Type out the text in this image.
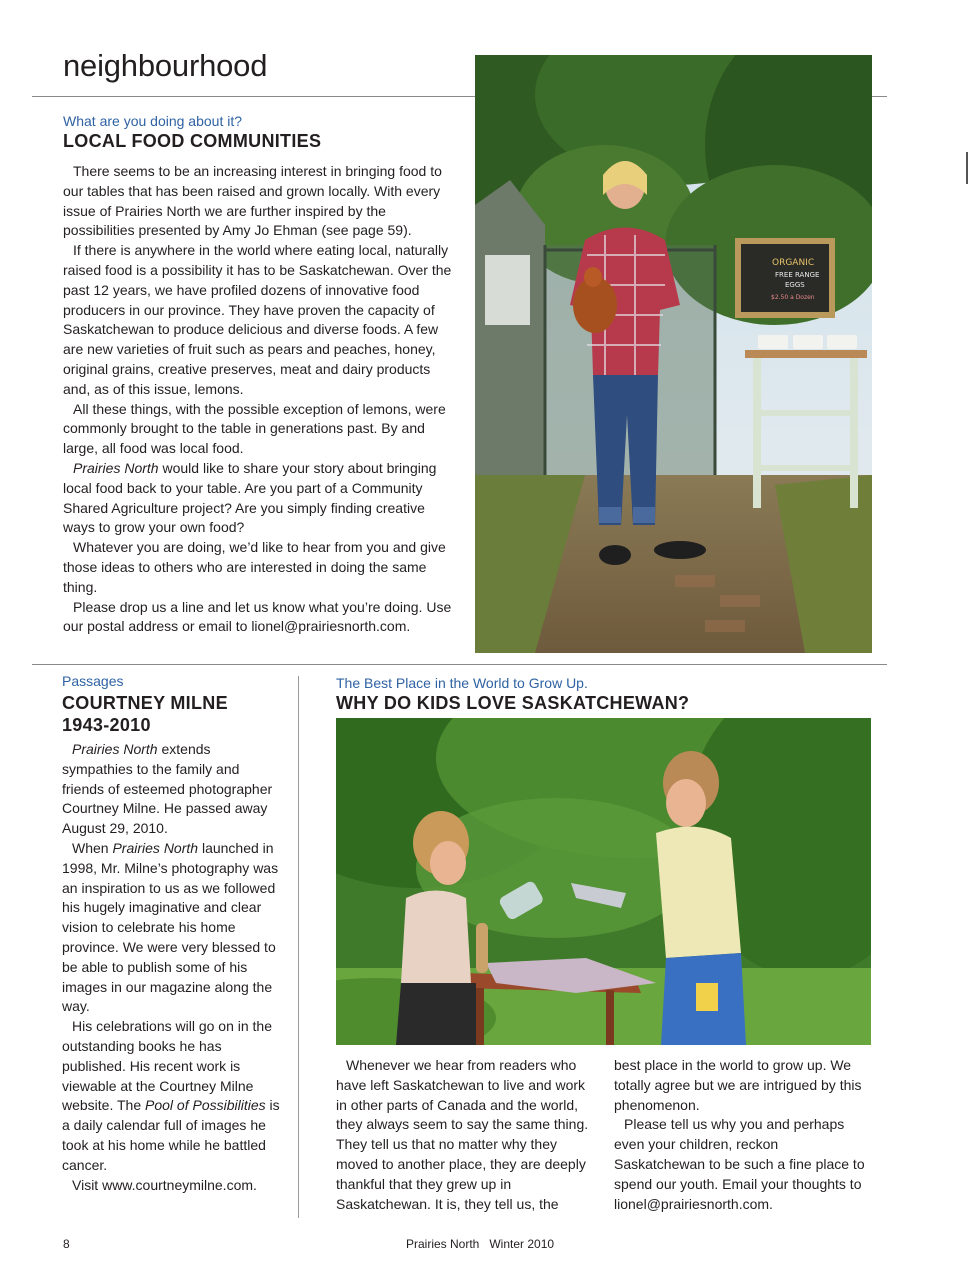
neighbourhood

What are you doing about it?

LOCAL FOOD COMMUNITIES

There seems to be an increasing interest in bringing food to our tables that has been raised and grown locally. With every issue of Prairies North we are further inspired by the possibilities presented by Amy Jo Ehman (see page 59).

If there is anywhere in the world where eating local, naturally raised food is a possibility it has to be Saskatchewan. Over the past 12 years, we have profiled dozens of innovative food producers in our province. They have proven the capacity of Saskatchewan to produce delicious and diverse foods. A few are new varieties of fruit such as pears and peaches, honey, original grains, creative preserves, meat and dairy products and, as of this issue, lemons.

All these things, with the possible exception of lemons, were commonly brought to the table in generations past. By and large, all food was local food.

Prairies North would like to share your story about bringing local food back to your table. Are you part of a Community Shared Agriculture project? Are you simply finding creative ways to grow your own food?

Whatever you are doing, we’d like to hear from you and give those ideas to others who are interested in doing the same thing.

Please drop us a line and let us know what you’re doing. Use our postal address or email to lionel@prairiesnorth.com.

ORGANIC
FREE RANGE
EGGS
$2.50 a Dozen

Passages

COURTNEY MILNE
1943-2010

Prairies North extends sympathies to the family and friends of esteemed photographer Courtney Milne. He passed away August 29, 2010.

When Prairies North launched in 1998, Mr. Milne’s photography was an inspiration to us as we followed his hugely imaginative and clear vision to celebrate his home province. We were very blessed to be able to publish some of his images in our magazine along the way.

His celebrations will go on in the outstanding books he has published. His recent work is viewable at the Courtney Milne website. The Pool of Possibilities is a daily calendar full of images he took at his home while he battled cancer.

Visit www.courtneymilne.com.

The Best Place in the World to Grow Up.

WHY DO KIDS LOVE SASKATCHEWAN?

Whenever we hear from readers who have left Saskatchewan to live and work in other parts of Canada and the world, they always seem to say the same thing. They tell us that no matter why they moved to another place, they are deeply thankful that they grew up in Saskatchewan. It is, they tell us, the

best place in the world to grow up. We totally agree but we are intrigued by this phenomenon.

Please tell us why you and perhaps even your children, reckon Saskatchewan to be such a fine place to spend our youth. Email your thoughts to lionel@prairiesnorth.com.

8	Prairies North Winter 2010
